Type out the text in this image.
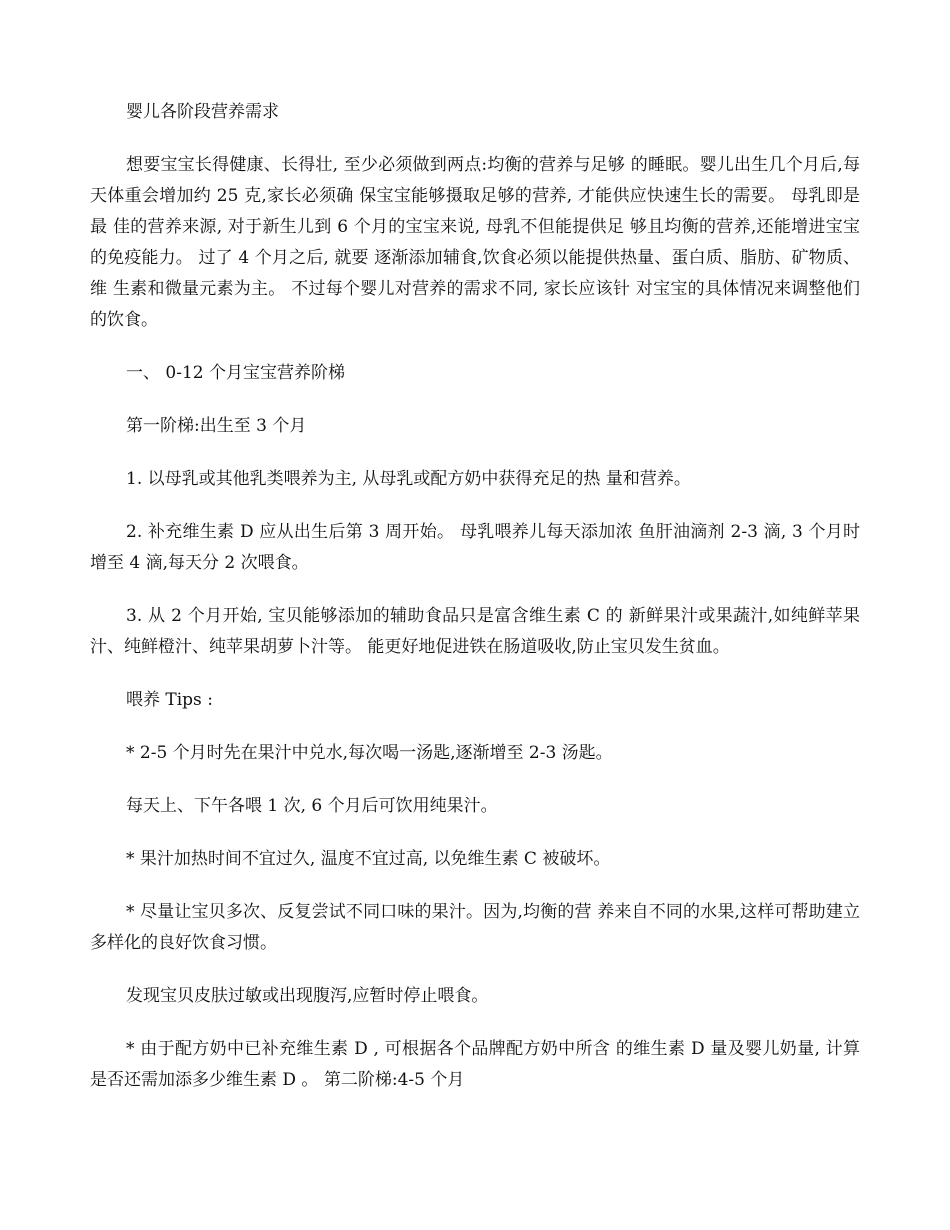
婴儿各阶段营养需求

想要宝宝长得健康、长得壮, 至少必须做到两点:均衡的营养与足够 的睡眠。婴儿出生几个月后,每天体重会增加约 25 克,家长必须确 保宝宝能够摄取足够的营养, 才能供应快速生长的需要。 母乳即是最 佳的营养来源, 对于新生儿到 6 个月的宝宝来说, 母乳不但能提供足 够且均衡的营养,还能增进宝宝的免疫能力。 过了 4 个月之后, 就要 逐渐添加辅食,饮食必须以能提供热量、蛋白质、脂肪、矿物质、维 生素和微量元素为主。 不过每个婴儿对营养的需求不同, 家长应该针 对宝宝的具体情况来调整他们的饮食。

一、 0-12 个月宝宝营养阶梯

第一阶梯:出生至 3 个月

1. 以母乳或其他乳类喂养为主, 从母乳或配方奶中获得充足的热 量和营养。

2. 补充维生素 D 应从出生后第 3 周开始。 母乳喂养儿每天添加浓 鱼肝油滴剂 2-3 滴, 3 个月时增至 4 滴,每天分 2 次喂食。

3. 从 2 个月开始, 宝贝能够添加的辅助食品只是富含维生素 C 的 新鲜果汁或果蔬汁,如纯鲜苹果汁、纯鲜橙汁、纯苹果胡萝卜汁等。 能更好地促进铁在肠道吸收,防止宝贝发生贫血。

喂养 Tips :

* 2-5 个月时先在果汁中兑水,每次喝一汤匙,逐渐增至 2-3 汤匙。

每天上、下午各喂 1 次, 6 个月后可饮用纯果汁。

* 果汁加热时间不宜过久, 温度不宜过高, 以免维生素 C 被破坏。

* 尽量让宝贝多次、反复尝试不同口味的果汁。因为,均衡的营 养来自不同的水果,这样可帮助建立多样化的良好饮食习惯。

发现宝贝皮肤过敏或出现腹泻,应暂时停止喂食。

* 由于配方奶中已补充维生素 D , 可根据各个品牌配方奶中所含 的维生素 D 量及婴儿奶量, 计算是否还需加添多少维生素 D 。 第二阶梯:4-5 个月
